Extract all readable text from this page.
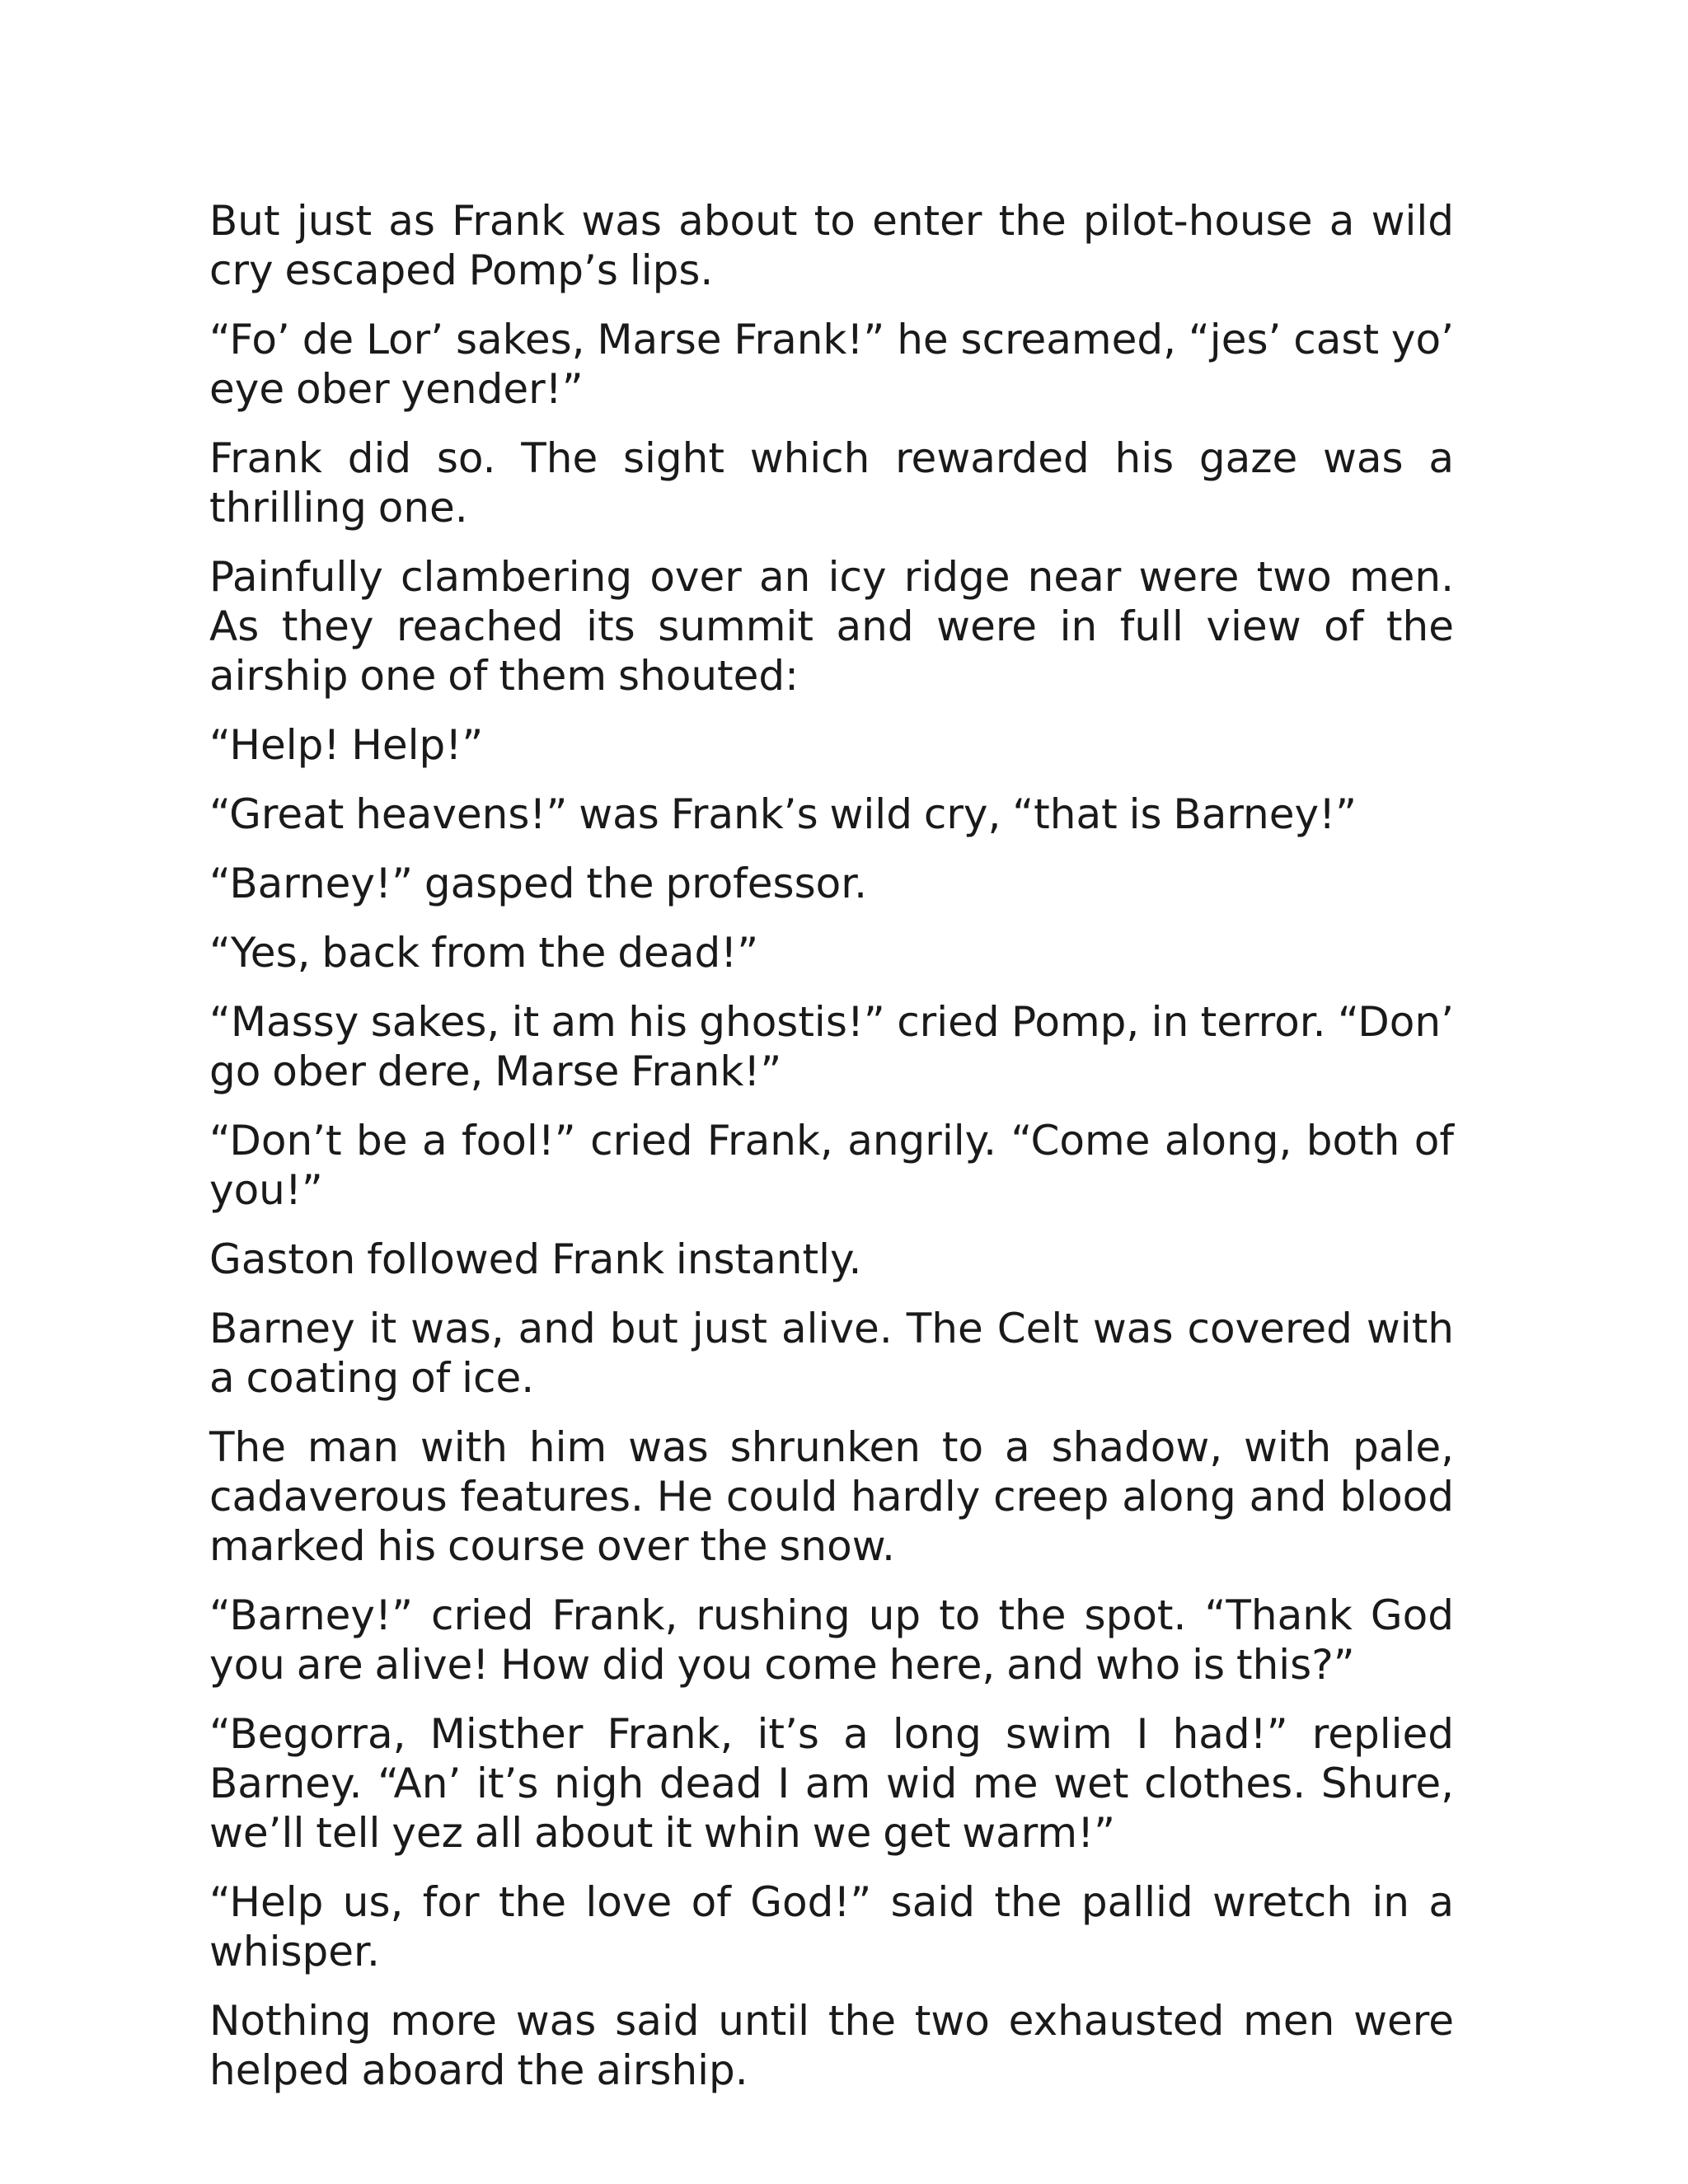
But just as Frank was about to enter the pilot-house a wild cry escaped Pomp’s lips.

“Fo’ de Lor’ sakes, Marse Frank!” he screamed, “jes’ cast yo’ eye ober yender!”

Frank did so. The sight which rewarded his gaze was a thrilling one.

Painfully clambering over an icy ridge near were two men. As they reached its summit and were in full view of the airship one of them shouted:

“Help! Help!”

“Great heavens!” was Frank’s wild cry, “that is Barney!”

“Barney!” gasped the professor.

“Yes, back from the dead!”

“Massy sakes, it am his ghostis!” cried Pomp, in terror. “Don’ go ober dere, Marse Frank!”

“Don’t be a fool!” cried Frank, angrily. “Come along, both of you!”

Gaston followed Frank instantly.

Barney it was, and but just alive. The Celt was covered with a coating of ice.

The man with him was shrunken to a shadow, with pale, cadaverous features. He could hardly creep along and blood marked his course over the snow.

“Barney!” cried Frank, rushing up to the spot. “Thank God you are alive! How did you come here, and who is this?”

“Begorra, Misther Frank, it’s a long swim I had!” replied Barney. “An’ it’s nigh dead I am wid me wet clothes. Shure, we’ll tell yez all about it whin we get warm!”

“Help us, for the love of God!” said the pallid wretch in a whisper.

Nothing more was said until the two exhausted men were helped aboard the airship.
